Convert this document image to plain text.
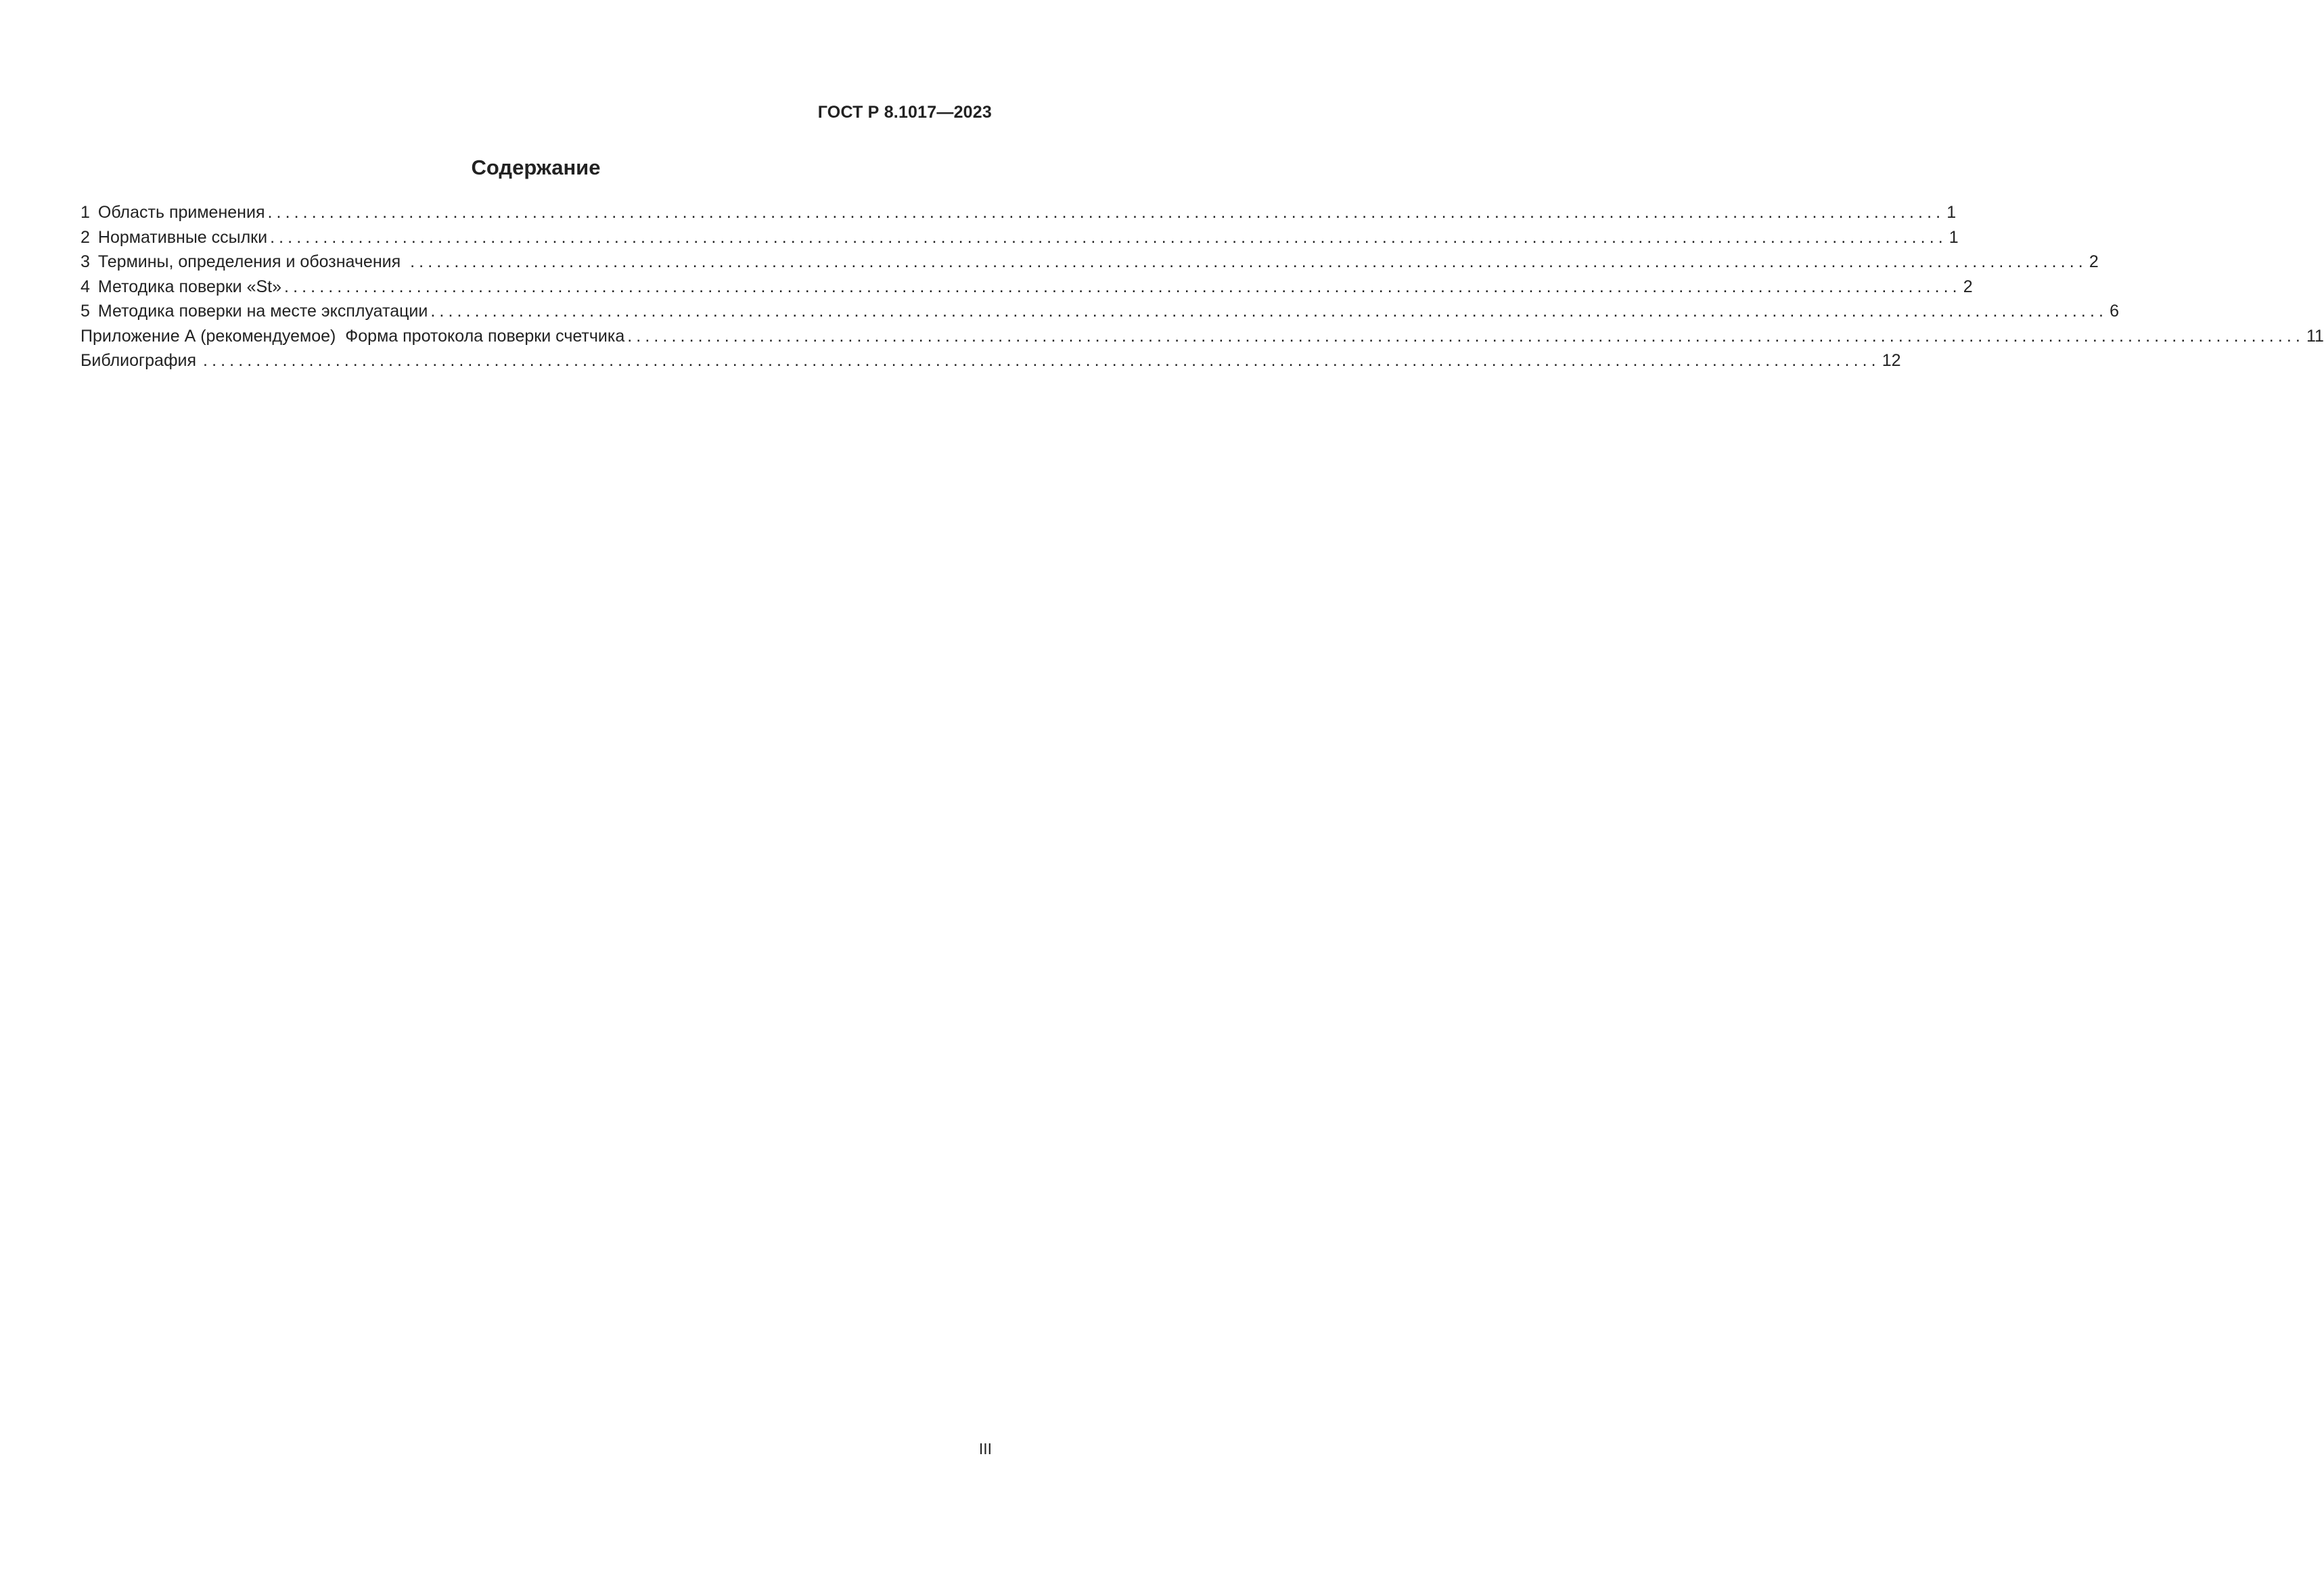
ГОСТ Р 8.1017—2023
Содержание
1 Область применения .............................................................................................................................................................................................. 1
2 Нормативные ссылки .............................................................................................................................................................................................. 1
3 Термины, определения и обозначения .............................................................................................................................................................................................. 2
4 Методика поверки «St» .............................................................................................................................................................................................. 2
5 Методика поверки на месте эксплуатации .............................................................................................................................................................................................. 6
Приложение А (рекомендуемое)  Форма протокола поверки счетчика .............................................................................................................................................................................................. 11
Библиография .............................................................................................................................................................................................. 12
III
